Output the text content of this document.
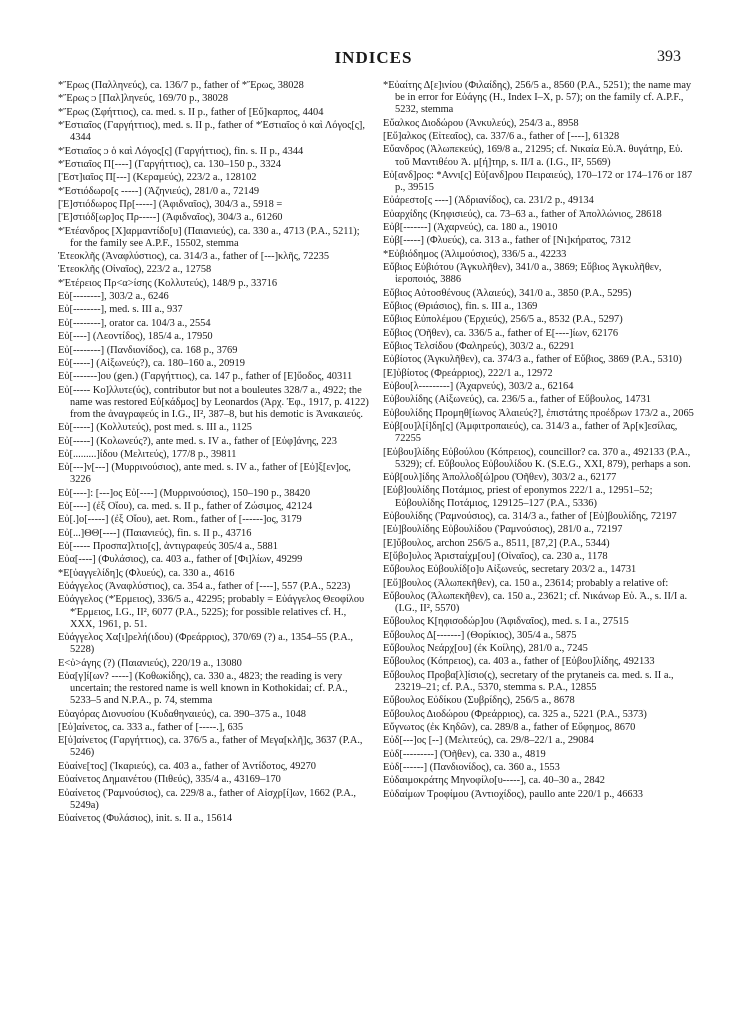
INDICES	393

*Ἔρως (Παλληνεύς), ca. 136/7 p., father of *Ἔρως, 38028

*Ἔρως ᴐ [Παλ]ληνεύς, 169/70 p., 38028

*Ἔρως (Σφήττιος), ca. med. s. II p., father of [Εὔ]καρπος, 4404

*Ἑστιαῖος (Γαργήττιος), med. s. II p., father of *Ἑστιαῖος ὁ καὶ Λόγος[ς], 4344

*Ἑστιαῖος ᴐ ὁ καὶ Λόγος[ς] (Γαργήττιος), fin. s. II p., 4344

*Ἑστιαῖος Π[----] (Γαργήττιος), ca. 130–150 p., 3324

[Ἑστ]ιαῖος Π[---] (Κεραμεύς), 223/2 a., 128102

*Ἑστιόδωρο[ς -----] (Ἀζηνιεύς), 281/0 a., 72149

[Ἑ]στιόδωρος Πρ[-----] (Ἀφιδναῖος), 304/3 a., 5918 =

[Ἑ]στιόδ[ωρ]ος Πρ-----] (Ἀφιδναῖος), 304/3 a., 61260

*Ἐτέανδρος [Χ]αρμαντίδο[υ] (Παιανιεύς), ca. 330 a., 4713 (P.A., 5211); for the family see A.P.F., 15502, stemma

Ἐτεοκλῆς (Ἀναφλύστιος), ca. 314/3 a., father of [---]κλῆς, 72235

Ἐτεοκλῆς (Οἰναῖος), 223/2 a., 12758

*Ἐτέρειος Πρ<α>ίσης (Κολλυτεύς), 148/9 p., 33716

Εὐ[--------], 303/2 a., 6246

Εὐ[--------], med. s. III a., 937

Εὐ[--------], orator ca. 104/3 a., 2554

Εὐ[----] (Λεοντίδος), 185/4 a., 17950

Εὐ[--------] (Πανδιονίδος), ca. 168 p., 3769

Εὐ[-----] (Αἰξωνεύς?), ca. 180–160 a., 20919

Εὐ[-------]ου (gen.) (Γαργήττιος), ca. 147 p., father of [Ε]ὔοδος, 40311

Εὐ[----- Κο]λλυτε(ύς), contributor but not a bouleutes 328/7 a., 4922; the name was restored Εὐ[κάδμος] by Leonardos (Ἀρχ. Ἐφ., 1917, p. 4122) from the ἀναγραφεύς in I.G., II², 387–8, but his demotic is Ἀνακαιεύς.

Εὐ[-----] (Κολλυτεύς), post med. s. III a., 1125

Εὐ[-----] (Κολωνεύς?), ante med. s. IV a., father of [Εὐφ]άνης, 223

Εὐ[.........]ίδου (Μελιτεύς), 177/8 p., 39811

Εὐ[---]ν[---] (Μυρρινούσιος), ante med. s. IV a., father of [Εὐ]ξ[εν]ος, 3226

Εὐ[----]: [---]ος Εὐ[----] (Μυρρινούσιος), 150–190 p., 38420

Εὐ[----] (ἐξ Οἴου), ca. med. s. II p., father of Ζώσιμος, 42124

Εὐ[.]ο[-----] (ἐξ Οἴου), aet. Rom., father of [------]ος, 3179

Εὐ[...]ΘΘ[----] (Παιανιεύς), fin. s. II p., 43716

Εὐ[----- Προσπα]λτιο[ς], ἀντιγραφεύς 305/4 a., 5881

Εὐα[----] (Φυλάσιος), ca. 403 a., father of [Φι]λίων, 49299

*Ε[ὐαγγελίδη]ς (Φλυεύς), ca. 330 a., 4616

Εὐάγγελος (Ἀναφλύστιος), ca. 354 a., father of [----], 557 (P.A., 5223)

Εὐάγγελος (*Ἑρμειος), 336/5 a., 42295; probably = Εὐάγγελος Θεοφίλου *Ἑρμειος, I.G., II², 6077 (P.A., 5225); for possible relatives cf. H., XXX, 1961, p. 51.

Εὐάγγελος Χα[ι]ρελή(ιδου) (Φρεάρριος), 370/69 (?) a., 1354–55 (P.A., 5228)

Ε<ὐ>άγης (?) (Παιανιεύς), 220/19 a., 13080

Εὐα[γ]ί[ων? -----] (Κοθωκίδης), ca. 330 a., 4823; the reading is very uncertain; the restored name is well known in Kothokidai; cf. P.A., 5233–5 and N.P.A., p. 74, stemma

Εὐαγόρας Διονυσίου (Κυδαθηναιεύς), ca. 390–375 a., 1048

[Εὐ]αίνετος, ca. 333 a., father of [-----.], 635

Ε[ὐ]αίνετος (Γαργήττιος), ca. 376/5 a., father of Μεγα[κλῆ]ς, 3637 (P.A., 5246)

Εὐαίνε[τος] (Ἰκαριεύς), ca. 403 a., father of Ἀντίδοτος, 49270

Εὐαίνετος Δημαινέτου (Πιθεύς), 335/4 a., 43169–170

Εὐαίνετος (Ῥαμνούσιος), ca. 229/8 a., father of Αἰσχρ[ί]ων, 1662 (P.A., 5249a)

Εὐαίνετος (Φυλάσιος), init. s. II a., 15614

*Εὐαίτης Δ[ε]ινίου (Φιλαίδης), 256/5 a., 8560 (P.A., 5251); the name may be in error for Εὐάγης (H., Index I–X, p. 57); on the family cf. A.P.F., 5232, stemma

Εὔαλκος Διοδώρου (Ἀνκυλεύς), 254/3 a., 8958

[Εὔ]αλκος (Εἰτεαῖος), ca. 337/6 a., father of [----], 61328

Εὔανδρος (Ἀλωπεκεύς), 169/8 a., 21295; cf. Νικαία Εὐ.Ἀ. θυγάτηρ, Εὐ. τοῦ Μαντιθέου Ἀ. μ[ή]τηρ, s. II/I a. (I.G., II², 5569)

Εὐ[ανδ]ρος: *Αννι[ς] Εὐ[ανδ]ρου Πειραιεύς), 170–172 or 174–176 or 187 p., 39515

Εὐάρεστο[ς ----] (Ἀδριανίδος), ca. 231/2 p., 49134

Εὐαρχίδης (Κηφισιεύς), ca. 73–63 a., father of Ἀπολλώνιος, 28618

Εὐβ[-------] (Ἀχαρνεύς), ca. 180 a., 19010

Εὐβ[-----] (Φλυεύς), ca. 313 a., father of [Νι]κήρατος, 7312

*Εὐβιόδημος (Ἁλιμούσιος), 336/5 a., 42233

Εὔβιος Εὐβιότου (Ἀγκυλῆθεν), 341/0 a., 3869; Εὔβιος Ἀγκυλῆθεν, ἱεροποιός, 3886

Εὔβιος Αὐτοσθένους (Ἁλαιεύς), 341/0 a., 3850 (P.A., 5295)

Εὔβιος (Θριάσιος), fin. s. III a., 1369

Εὔβιος Εὐπολέμου (Ἐρχιεύς), 256/5 a., 8532 (P.A., 5297)

Εὔβιος (Ὀῆθεν), ca. 336/5 a., father of Ε[----]ίων, 62176

Εὔβιος Τελσίδου (Φαληρεύς), 303/2 a., 62291

Εὐβίοτος (Ἀγκυλῆθεν), ca. 374/3 a., father of Εὔβιος, 3869 (P.A., 5310)

[Ε]ὐβίοτος (Φρεάρριος), 222/1 a., 12972

Εὐβου[λ---------] (Ἀχαρνεύς), 303/2 a., 62164

Εὐβουλίδης (Αἰξωνεύς), ca. 236/5 a., father of Εὔβουλος, 14731

Εὐβουλίδης Προμηθ[ίωνος Ἁλαιεύς?], ἐπιστάτης προέδρων 173/2 a., 2065

Εὐβ[ου]λ[ί]δη[ς] (Ἀμφιτροπαιεύς), ca. 314/3 a., father of Ἀρ[κ]εσίλας, 72255

[Εὐβου]λίδης Εὐβούλου (Κόπρειος), councillor? ca. 370 a., 492133 (P.A., 5329); cf. Εὔβουλος Εὐβουλίδου Κ. (S.E.G., XXI, 879), perhaps a son.

Εὐβ[ουλ]ίδης Ἀπολλοδ[ώ]ρου (Ὀῆθεν), 303/2 a., 62177

[Εὐβ]ουλίδης Ποτάμιος, priest of eponymos 222/1 a., 12951–52; Εὐβουλίδης Ποτάμιος, 129125–127 (P.A., 5336)

Εὐβουλίδης (Ῥαμνούσιος), ca. 314/3 a., father of [Εὐ]βουλίδης, 72197

[Εὐ]βουλίδης Εὐβουλίδου (Ῥαμνούσιος), 281/0 a., 72197

[Ε]ὔβουλος, archon 256/5 a., 8511, [87,2] (P.A., 5344)

Ε[ὔβο]υλος Ἀρισταίχμ[ου] (Οἰναῖος), ca. 230 a., 1178

Εὔβουλος Εὐβουλίδ[ο]υ Αἰξωνεύς, secretary 203/2 a., 14731

[Εὔ]βουλος (Ἀλωπεκῆθεν), ca. 150 a., 23614; probably a relative of:

Εὔβουλος (Ἀλωπεκῆθεν), ca. 150 a., 23621; cf. Νικάνωρ Εὐ. Ἀ., s. II/I a. (I.G., II², 5570)

Εὔβουλος Κ[ηφισοδώρ]ου (Ἀφιδναῖος), med. s. I a., 27515

Εὔβουλος Δ[-------] (Θορίκιος), 305/4 a., 5875

Εὔβουλος Νεάρχ[ου] (ἐκ Κοίλης), 281/0 a., 7245

Εὔβουλος (Κόπρειος), ca. 403 a., father of [Εὐβου]λίδης, 492133

Εὔβουλος Προβα[λ]ίσιο(ς), secretary of the prytaneis ca. med. s. II a., 23219–21; cf. P.A., 5370, stemma s. P.A., 12855

Εὔβουλος Εὐδίκου (Συβρίδης), 256/5 a., 8678

Εὔβουλος Διοδώρου (Φρεάρριος), ca. 325 a., 5221 (P.A., 5373)

Εὔγνωτος (ἐκ Κηδῶν), ca. 289/8 a., father of Εὔφημος, 8670

Εὐδ[---]ος [--] (Μελιτεύς), ca. 29/8–22/1 a., 29084

Εὐδ[---------] (Ὀῆθεν), ca. 330 a., 4819

Εὐδ[------] (Πανδιονίδος), ca. 360 a., 1553

Εὐδαιμοκράτης Μηνοφίλο[υ-----], ca. 40–30 a., 2842

Εὐδαίμων Τροφίμου (Ἀντιοχίδος), paullo ante 220/1 p., 46633
